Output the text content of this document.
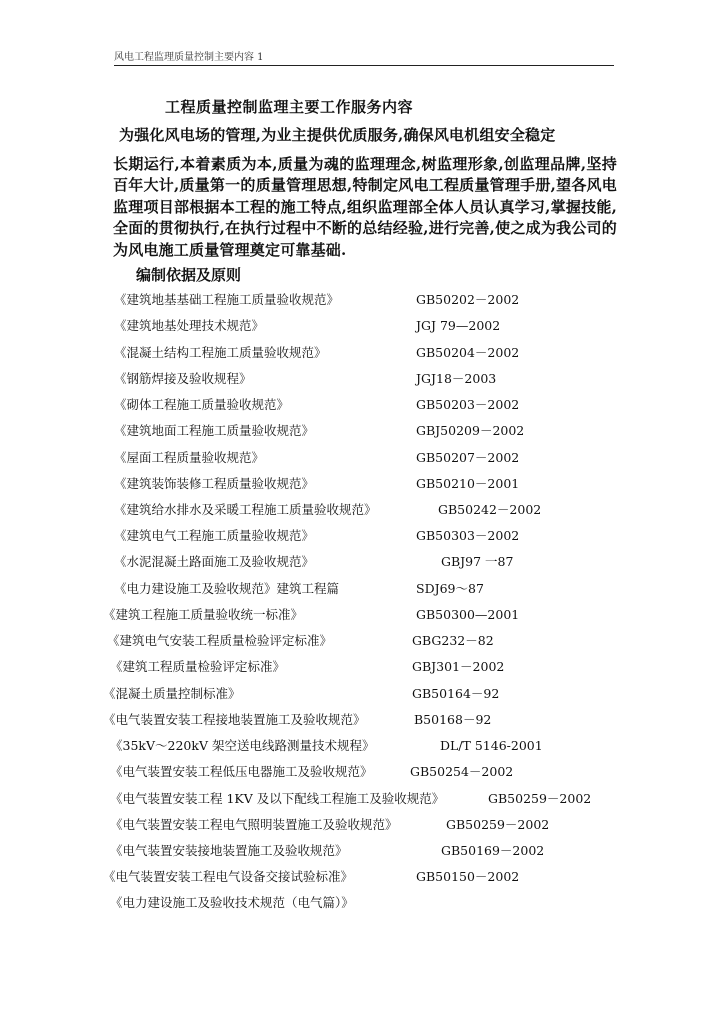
风电工程监理质量控制主要内容 1
工程质量控制监理主要工作服务内容
为强化风电场的管理,为业主提供优质服务,确保风电机组安全稳定
长期运行,本着素质为本,质量为魂的监理理念,树监理形象,创监理品牌,坚持百年大计,质量第一的质量管理思想,特制定风电工程质量管理手册,望各风电监理项目部根据本工程的施工特点,组织监理部全体人员认真学习,掌握技能,全面的贯彻执行,在执行过程中不断的总结经验,进行完善,使之成为我公司的为风电施工质量管理奠定可靠基础.
编制依据及原则
《建筑地基基础工程施工质量验收规范》	GB50202－2002
《建筑地基处理技术规范》	JGJ 79—2002
《混凝土结构工程施工质量验收规范》	GB50204－2002
《钢筋焊接及验收规程》	JGJ18－2003
《砌体工程施工质量验收规范》	GB50203－2002
《建筑地面工程施工质量验收规范》	GBJ50209－2002
《屋面工程质量验收规范》	GB50207－2002
《建筑装饰装修工程质量验收规范》	GB50210－2001
《建筑给水排水及采暖工程施工质量验收规范》	GB50242－2002
《建筑电气工程施工质量验收规范》	GB50303－2002
《水泥混凝土路面施工及验收规范》	GBJ97 一87
《电力建设施工及验收规范》建筑工程篇	SDJ69～87
《建筑工程施工质量验收统一标准》	GB50300—2001
《建筑电气安装工程质量检验评定标准》	GBG232－82
《建筑工程质量检验评定标准》	GBJ301－2002
《混凝土质量控制标准》	GB50164－92
《电气装置安装工程接地装置施工及验收规范》	B50168－92
《35kV～220kV 架空送电线路测量技术规程》	DL/T 5146-2001
《电气装置安装工程低压电器施工及验收规范》	GB50254－2002
《电气装置安装工程 1KV 及以下配线工程施工及验收规范》	GB50259－2002
《电气装置安装工程电气照明装置施工及验收规范》	GB50259－2002
《电气装置安装接地装置施工及验收规范》	GB50169－2002
《电气装置安装工程电气设备交接试验标准》	GB50150－2002
《电力建设施工及验收技术规范（电气篇）》
